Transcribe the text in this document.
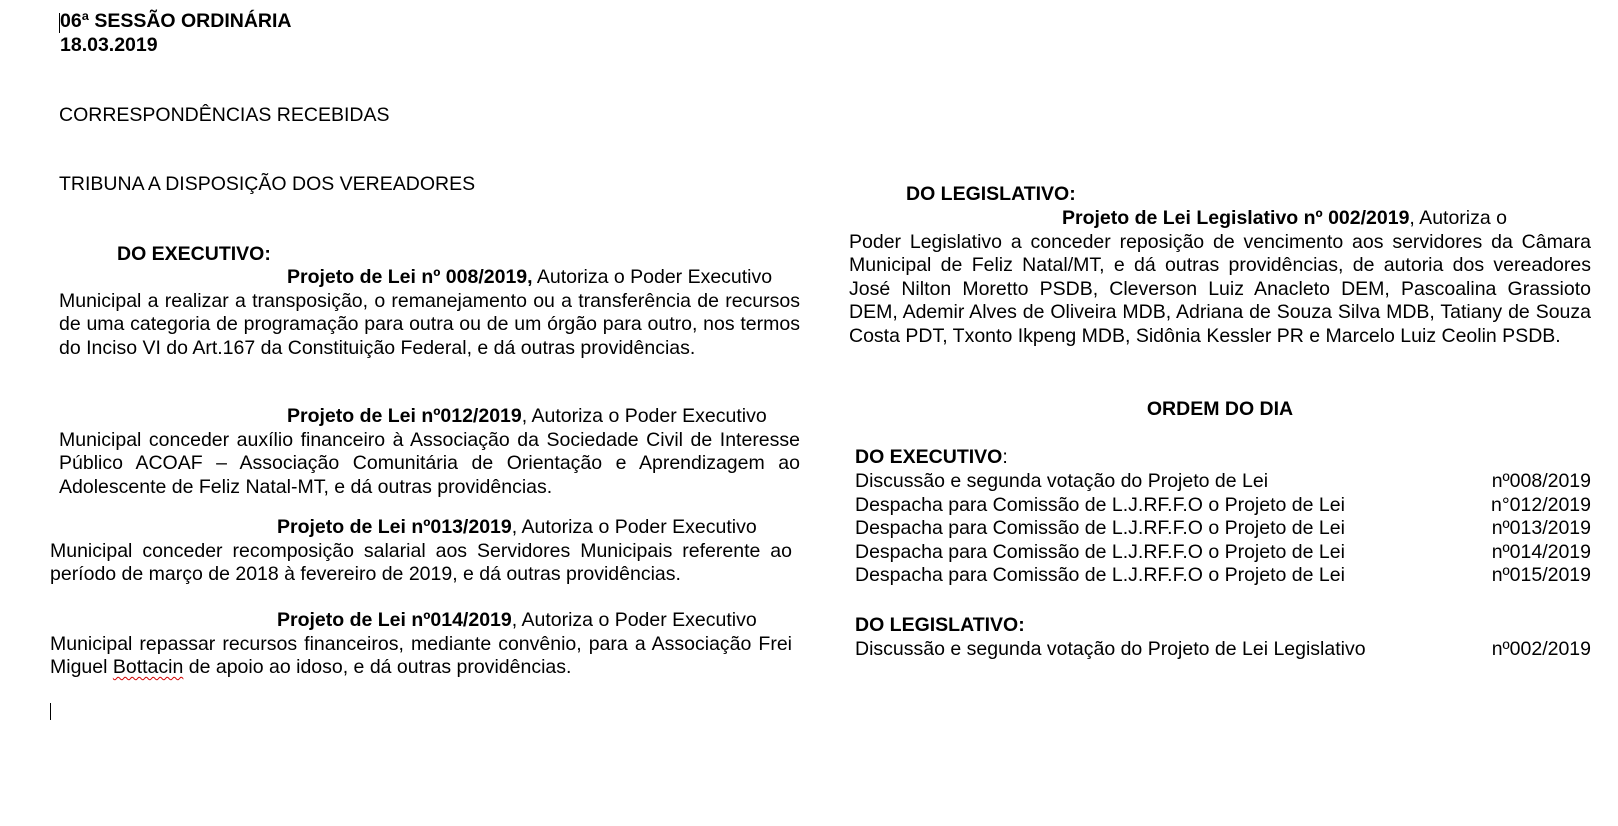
06ª SESSÃO ORDINÁRIA
18.03.2019
CORRESPONDÊNCIAS RECEBIDAS
TRIBUNA A DISPOSIÇÃO DOS VEREADORES
DO EXECUTIVO:
Projeto de Lei nº 008/2019, Autoriza o Poder Executivo
Municipal a realizar a transposição, o remanejamento ou a transferência de recursos de uma categoria de programação para outra ou de um órgão para outro, nos termos do Inciso VI do Art.167 da Constituição Federal, e dá outras providências.
Projeto de Lei nº012/2019, Autoriza o Poder Executivo
Municipal conceder auxílio financeiro à Associação da Sociedade Civil de Interesse Público ACOAF – Associação Comunitária de Orientação e Aprendizagem ao Adolescente de Feliz Natal-MT, e dá outras providências.
Projeto de Lei nº013/2019, Autoriza o Poder Executivo
Municipal conceder recomposição salarial aos Servidores Municipais referente ao período de março de 2018 à fevereiro de 2019, e dá outras providências.
Projeto de Lei nº014/2019, Autoriza o Poder Executivo
Municipal repassar recursos financeiros, mediante convênio, para a Associação Frei Miguel Bottacin de apoio ao idoso, e dá outras providências.
DO LEGISLATIVO:
Projeto de Lei Legislativo nº 002/2019, Autoriza o
Poder Legislativo a conceder reposição de vencimento aos servidores da Câmara Municipal de Feliz Natal/MT, e dá outras providências, de autoria dos vereadores José Nilton Moretto PSDB, Cleverson Luiz Anacleto DEM, Pascoalina Grassioto DEM, Ademir Alves de Oliveira MDB, Adriana de Souza Silva MDB, Tatiany de Souza Costa PDT, Txonto Ikpeng MDB, Sidônia Kessler PR e Marcelo Luiz Ceolin PSDB.
ORDEM DO DIA
DO EXECUTIVO:
Discussão e segunda votação do Projeto de Lei	nº008/2019
Despacha para Comissão de L.J.RF.F.O o Projeto de Lei	n°012/2019
Despacha para Comissão de L.J.RF.F.O o Projeto de Lei	nº013/2019
Despacha para Comissão de L.J.RF.F.O o Projeto de Lei	nº014/2019
Despacha para Comissão de L.J.RF.F.O o Projeto de Lei	nº015/2019
DO LEGISLATIVO:
Discussão e segunda votação do Projeto de Lei Legislativo	nº002/2019
